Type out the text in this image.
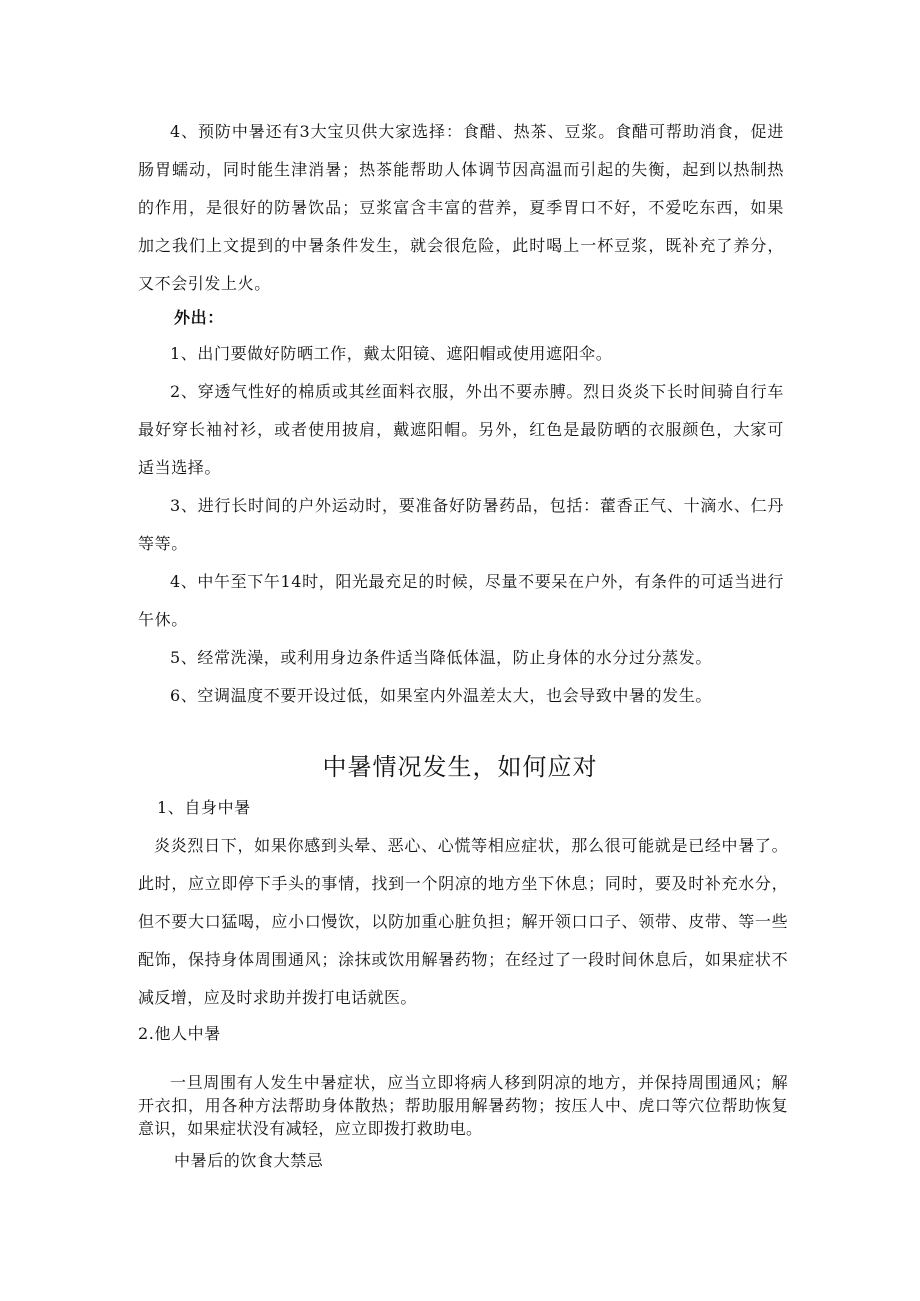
4、预防中暑还有3大宝贝供大家选择：食醋、热茶、豆浆。食醋可帮助消食，促进肠胃蠕动，同时能生津消暑；热茶能帮助人体调节因高温而引起的失衡，起到以热制热的作用，是很好的防暑饮品；豆浆富含丰富的营养，夏季胃口不好，不爱吃东西，如果加之我们上文提到的中暑条件发生，就会很危险，此时喝上一杯豆浆，既补充了养分，又不会引发上火。

外出：

1、出门要做好防晒工作，戴太阳镜、遮阳帽或使用遮阳伞。

2、穿透气性好的棉质或其丝面料衣服，外出不要赤膊。烈日炎炎下长时间骑自行车最好穿长袖衬衫，或者使用披肩，戴遮阳帽。另外，红色是最防晒的衣服颜色，大家可适当选择。

3、进行长时间的户外运动时，要准备好防暑药品，包括：藿香正气、十滴水、仁丹等等。

4、中午至下午14时，阳光最充足的时候，尽量不要呆在户外，有条件的可适当进行午休。

5、经常洗澡，或利用身边条件适当降低体温，防止身体的水分过分蒸发。

6、空调温度不要开设过低，如果室内外温差太大，也会导致中暑的发生。

中暑情况发生，如何应对

1、自身中暑

炎炎烈日下，如果你感到头晕、恶心、心慌等相应症状，那么很可能就是已经中暑了。此时，应立即停下手头的事情，找到一个阴凉的地方坐下休息；同时，要及时补充水分，但不要大口猛喝，应小口慢饮，以防加重心脏负担；解开领口口子、领带、皮带、等一些配饰，保持身体周围通风；涂抹或饮用解暑药物；在经过了一段时间休息后，如果症状不减反增，应及时求助并拨打电话就医。

2.他人中暑

一旦周围有人发生中暑症状，应当立即将病人移到阴凉的地方，并保持周围通风；解开衣扣，用各种方法帮助身体散热；帮助服用解暑药物；按压人中、虎口等穴位帮助恢复意识，如果症状没有减轻，应立即拨打救助电。

中暑后的饮食大禁忌
